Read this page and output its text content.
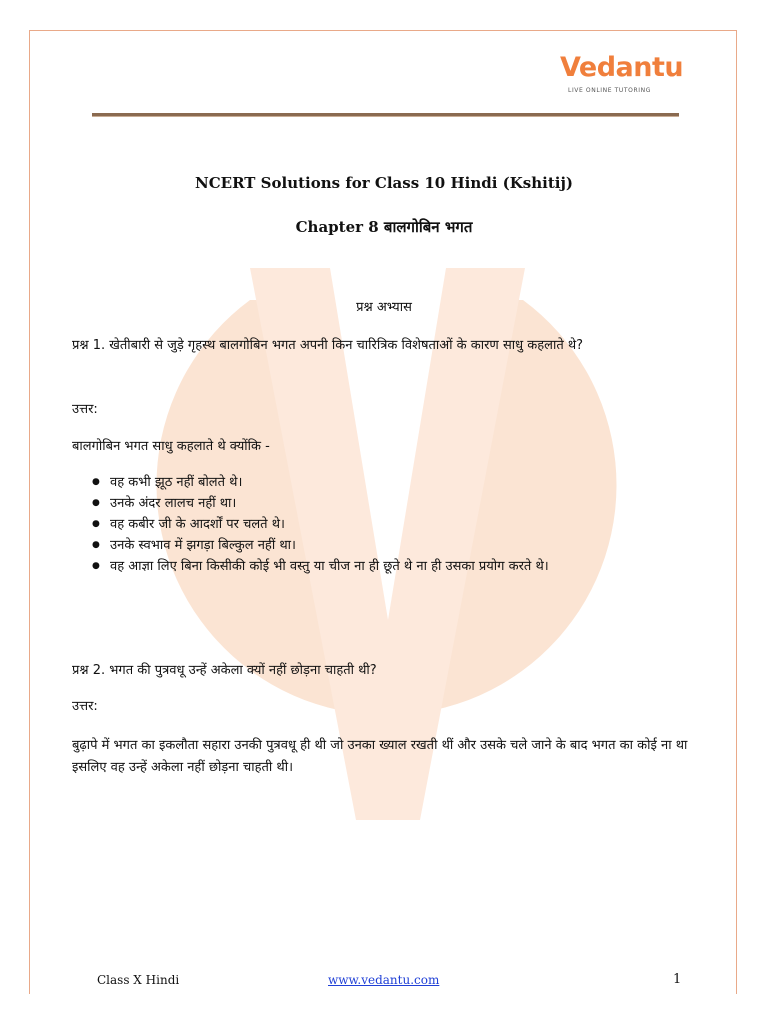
Vedantu
LIVE ONLINE TUTORING
NCERT Solutions for Class 10 Hindi (Kshitij)
Chapter 8 बालगोबिन भगत
प्रश्न अभ्यास
प्रश्न 1. खेतीबारी से जुड़े गृहस्थ बालगोबिन भगत अपनी किन चारित्रिक विशेषताओं के कारण साधु कहलाते थे?
उत्तर:
बालगोबिन भगत साधु कहलाते थे क्योंकि -
● वह कभी झूठ नहीं बोलते थे।
● उनके अंदर लालच नहीं था।
● वह कबीर जी के आदर्शों पर चलते थे।
● उनके स्वभाव में झगड़ा बिल्कुल नहीं था।
● वह आज्ञा लिए बिना किसीकी कोई भी वस्तु या चीज ना ही छूते थे ना ही उसका प्रयोग करते थे।
प्रश्न 2. भगत की पुत्रवधू उन्हें अकेला क्यों नहीं छोड़ना चाहती थी?
उत्तर:
बुढ़ापे में भगत का इकलौता सहारा उनकी पुत्रवधू ही थी जो उनका ख्याल रखती थीं और उसके चले जाने के बाद भगत का कोई ना था इसलिए वह उन्हें अकेला नहीं छोड़ना चाहती थी।
Class X Hindi	www.vedantu.com	1
